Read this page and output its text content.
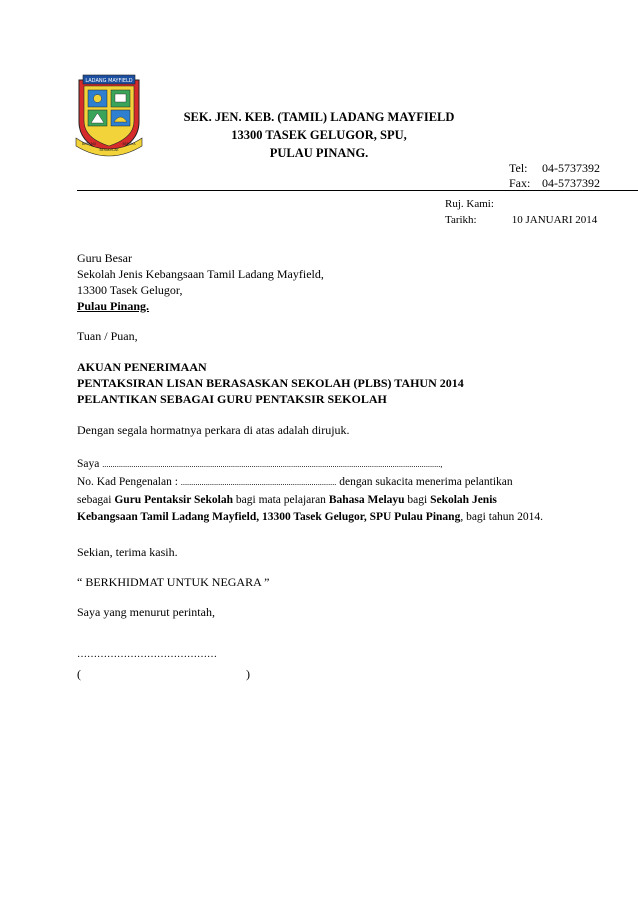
LADANG MAYFIELD
BERILMU
BERAKHLAK
BERJAYA
SEK. JEN. KEB. (TAMIL) LADANG MAYFIELD
13300 TASEK GELUGOR, SPU,
PULAU PINANG.
Tel: 04-5737392
Fax: 04-5737392
Ruj. Kami:
Tarikh:	10 JANUARI 2014
Guru Besar
Sekolah Jenis Kebangsaan Tamil Ladang Mayfield,
13300 Tasek Gelugor,
Pulau Pinang.
Tuan / Puan,
AKUAN PENERIMAAN
PENTAKSIRAN LISAN BERASASKAN SEKOLAH (PLBS) TAHUN 2014
PELANTIKAN SEBAGAI GURU PENTAKSIR SEKOLAH
Dengan segala hormatnya perkara di atas adalah dirujuk.
Saya ...................................................................................................................................................................,
No. Kad Pengenalan : ........................................................................... dengan sukacita menerima pelantikan
sebagai Guru Pentaksir Sekolah bagi mata pelajaran Bahasa Melayu bagi Sekolah Jenis
Kebangsaan Tamil Ladang Mayfield, 13300 Tasek Gelugor, SPU Pulau Pinang, bagi tahun 2014.
Sekian, terima kasih.
“ BERKHIDMAT UNTUK NEGARA ”
Saya yang menurut perintah,
……………………………………
(	)
